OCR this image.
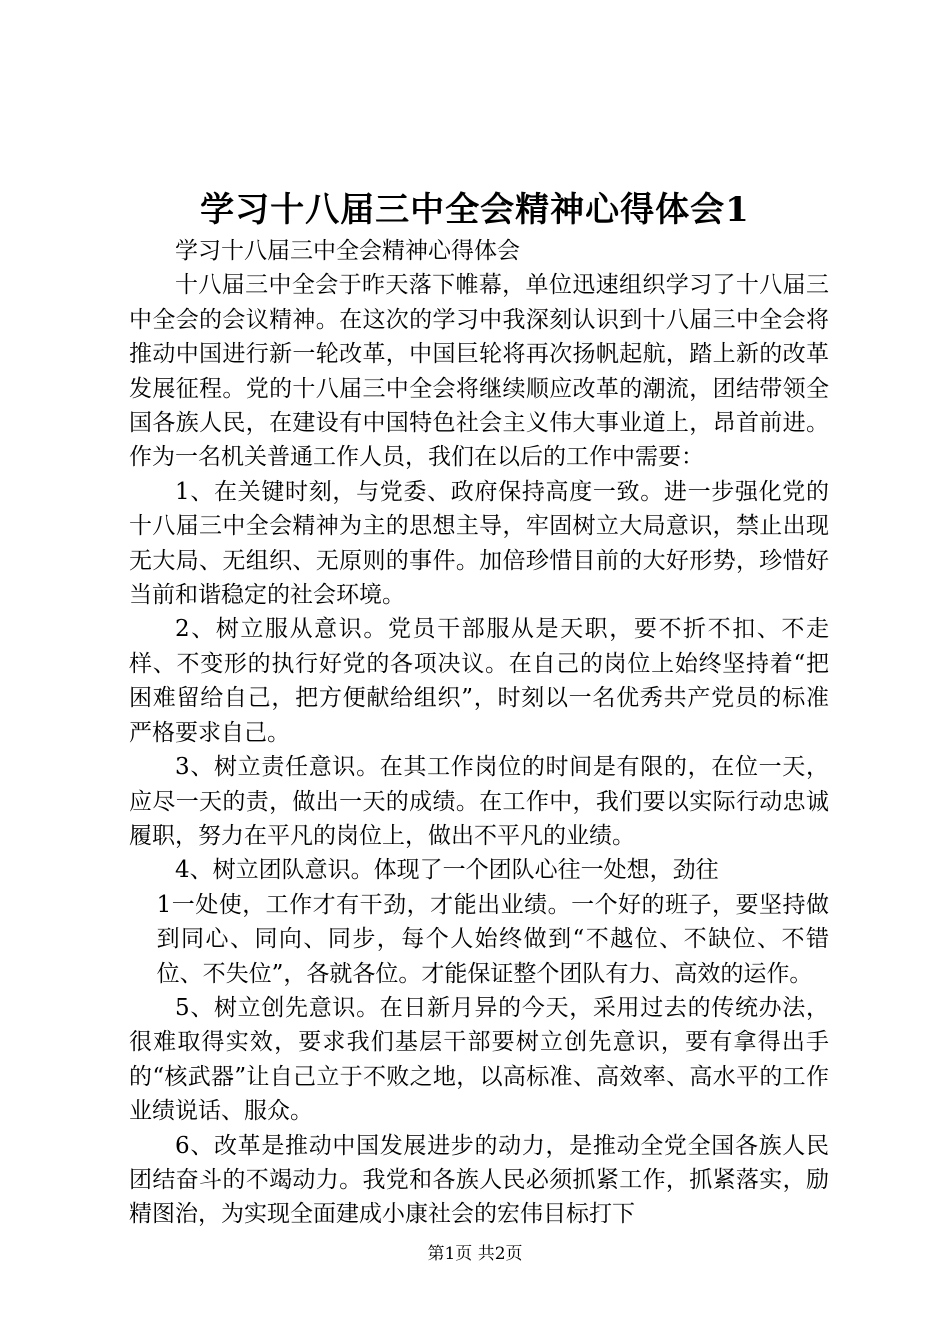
学习十八届三中全会精神心得体会1

学习十八届三中全会精神心得体会

十八届三中全会于昨天落下帷幕，单位迅速组织学习了十八届三中全会的会议精神。在这次的学习中我深刻认识到十八届三中全会将推动中国进行新一轮改革，中国巨轮将再次扬帆起航，踏上新的改革发展征程。党的十八届三中全会将继续顺应改革的潮流，团结带领全国各族人民，在建设有中国特色社会主义伟大事业道上，昂首前进。作为一名机关普通工作人员，我们在以后的工作中需要：

1、在关键时刻，与党委、政府保持高度一致。进一步强化党的十八届三中全会精神为主的思想主导，牢固树立大局意识，禁止出现无大局、无组织、无原则的事件。加倍珍惜目前的大好形势，珍惜好当前和谐稳定的社会环境。

2、树立服从意识。党员干部服从是天职，要不折不扣、不走样、不变形的执行好党的各项决议。在自己的岗位上始终坚持着“把困难留给自己，把方便献给组织”，时刻以一名优秀共产党员的标准严格要求自己。

3、树立责任意识。在其工作岗位的时间是有限的，在位一天，应尽一天的责，做出一天的成绩。在工作中，我们要以实际行动忠诚履职，努力在平凡的岗位上，做出不平凡的业绩。

4、树立团队意识。体现了一个团队心往一处想，劲往

1一处使，工作才有干劲，才能出业绩。一个好的班子，要坚持做到同心、同向、同步，每个人始终做到“不越位、不缺位、不错位、不失位”，各就各位。才能保证整个团队有力、高效的运作。

5、树立创先意识。在日新月异的今天，采用过去的传统办法，很难取得实效，要求我们基层干部要树立创先意识，要有拿得出手的“核武器”让自己立于不败之地，以高标准、高效率、高水平的工作业绩说话、服众。

6、改革是推动中国发展进步的动力，是推动全党全国各族人民团结奋斗的不竭动力。我党和各族人民必须抓紧工作，抓紧落实，励精图治，为实现全面建成小康社会的宏伟目标打下

第1页 共2页
